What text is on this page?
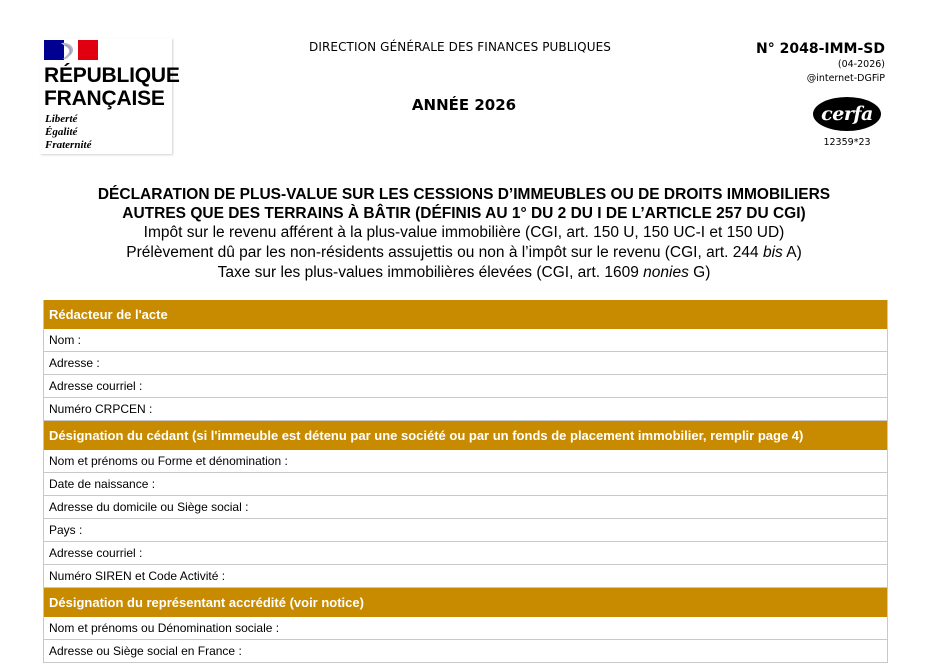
RÉPUBLIQUE
FRANÇAISE
Liberté
Égalité
Fraternité
DIRECTION GÉNÉRALE DES FINANCES PUBLIQUES
ANNÉE 2026
N° 2048-IMM-SD
(04-2026)
@internet-DGFiP
cerfa
12359*23
DÉCLARATION DE PLUS-VALUE SUR LES CESSIONS D’IMMEUBLES OU DE DROITS IMMOBILIERS
AUTRES QUE DES TERRAINS À BÂTIR (DÉFINIS AU 1° DU 2 DU I DE L’ARTICLE 257 DU CGI)
Impôt sur le revenu afférent à la plus-value immobilière (CGI, art. 150 U, 150 UC-I et 150 UD)
Prélèvement dû par les non-résidents assujettis ou non à l’impôt sur le revenu (CGI, art. 244 bis A)
Taxe sur les plus-values immobilières élevées (CGI, art. 1609 nonies G)
Rédacteur de l'acte
Nom :
Adresse :
Adresse courriel :
Numéro CRPCEN :
Désignation du cédant (si l'immeuble est détenu par une société ou par un fonds de placement immobilier, remplir page 4)
Nom et prénoms ou Forme et dénomination :
Date de naissance :
Adresse du domicile ou Siège social :
Pays :
Adresse courriel :
Numéro SIREN et Code Activité :
Désignation du représentant accrédité (voir notice)
Nom et prénoms ou Dénomination sociale :
Adresse ou Siège social en France :
